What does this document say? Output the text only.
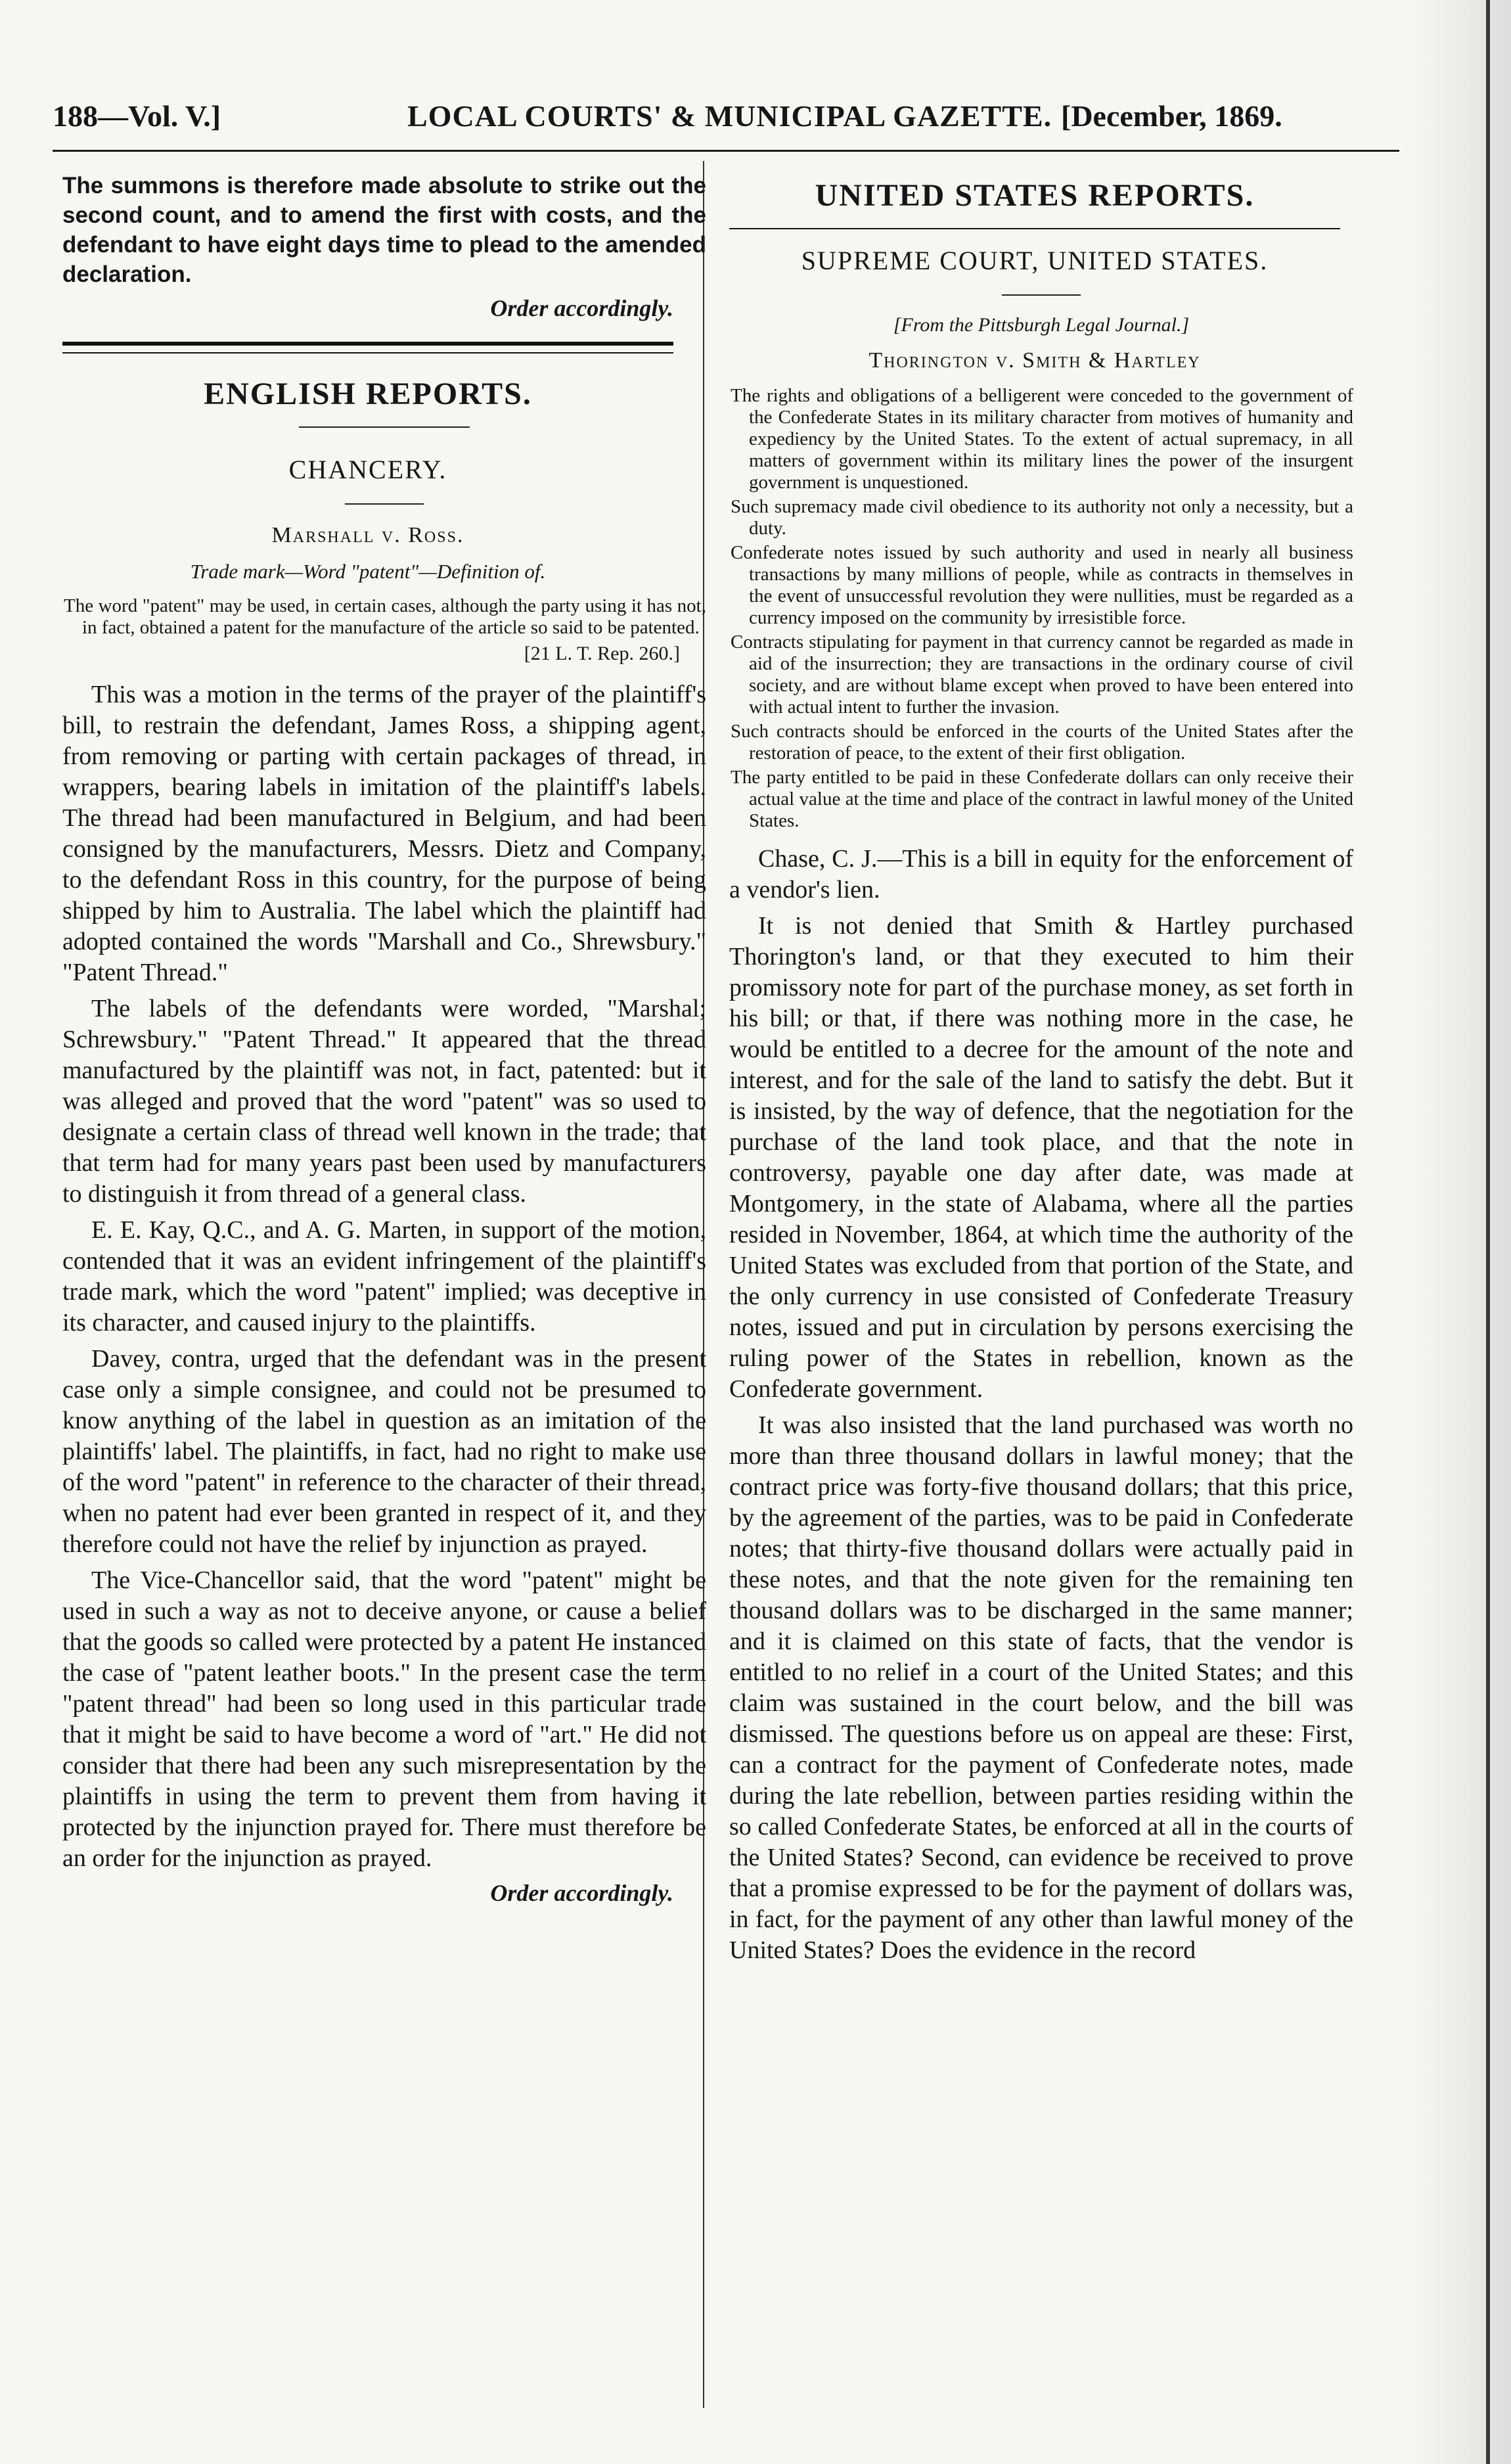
188—Vol. V.]	LOCAL COURTS' & MUNICIPAL GAZETTE. [December, 1869.

The summons is therefore made absolute to strike out the second count, and to amend the first with costs, and the defendant to have eight days time to plead to the amended declaration.

Order accordingly.

ENGLISH REPORTS.
CHANCERY.
Marshall v. Ross.
Trade mark—Word "patent"—Definition of.

The word "patent" may be used, in certain cases, although the party using it has not, in fact, obtained a patent for the manufacture of the article so said to be patented.

[21 L. T. Rep. 260.]

This was a motion in the terms of the prayer of the plaintiff's bill, to restrain the defendant, James Ross, a shipping agent, from removing or parting with certain packages of thread, in wrappers, bearing labels in imitation of the plaintiff's labels. The thread had been manufactured in Belgium, and had been consigned by the manufacturers, Messrs. Dietz and Company, to the defendant Ross in this country, for the purpose of being shipped by him to Australia. The label which the plaintiff had adopted contained the words "Marshall and Co., Shrewsbury." "Patent Thread."

The labels of the defendants were worded, "Marshal; Schrewsbury." "Patent Thread." It appeared that the thread manufactured by the plaintiff was not, in fact, patented: but it was alleged and proved that the word "patent" was so used to designate a certain class of thread well known in the trade; that that term had for many years past been used by manufacturers to distinguish it from thread of a general class.

E. E. Kay, Q.C., and A. G. Marten, in support of the motion, contended that it was an evident infringement of the plaintiff's trade mark, which the word "patent" implied; was deceptive in its character, and caused injury to the plaintiffs.

Davey, contra, urged that the defendant was in the present case only a simple consignee, and could not be presumed to know anything of the label in question as an imitation of the plaintiffs' label. The plaintiffs, in fact, had no right to make use of the word "patent" in reference to the character of their thread, when no patent had ever been granted in respect of it, and they therefore could not have the relief by injunction as prayed.

The Vice-Chancellor said, that the word "patent" might be used in such a way as not to deceive anyone, or cause a belief that the goods so called were protected by a patent He instanced the case of "patent leather boots." In the present case the term "patent thread" had been so long used in this particular trade that it might be said to have become a word of "art." He did not consider that there had been any such misrepresentation by the plaintiffs in using the term to prevent them from having it protected by the injunction prayed for. There must therefore be an order for the injunction as prayed.

Order accordingly.

UNITED STATES REPORTS.
SUPREME COURT, UNITED STATES.

[From the Pittsburgh Legal Journal.]

Thorington v. Smith & Hartley

The rights and obligations of a belligerent were conceded to the government of the Confederate States in its military character from motives of humanity and expediency by the United States. To the extent of actual supremacy, in all matters of government within its military lines the power of the insurgent government is unquestioned.

Such supremacy made civil obedience to its authority not only a necessity, but a duty.

Confederate notes issued by such authority and used in nearly all business transactions by many millions of people, while as contracts in themselves in the event of unsuccessful revolution they were nullities, must be regarded as a currency imposed on the community by irresistible force.

Contracts stipulating for payment in that currency cannot be regarded as made in aid of the insurrection; they are transactions in the ordinary course of civil society, and are without blame except when proved to have been entered into with actual intent to further the invasion.

Such contracts should be enforced in the courts of the United States after the restoration of peace, to the extent of their first obligation.

The party entitled to be paid in these Confederate dollars can only receive their actual value at the time and place of the contract in lawful money of the United States.

Chase, C. J.—This is a bill in equity for the enforcement of a vendor's lien.

It is not denied that Smith & Hartley purchased Thorington's land, or that they executed to him their promissory note for part of the purchase money, as set forth in his bill; or that, if there was nothing more in the case, he would be entitled to a decree for the amount of the note and interest, and for the sale of the land to satisfy the debt. But it is insisted, by the way of defence, that the negotiation for the purchase of the land took place, and that the note in controversy, payable one day after date, was made at Montgomery, in the state of Alabama, where all the parties resided in November, 1864, at which time the authority of the United States was excluded from that portion of the State, and the only currency in use consisted of Confederate Treasury notes, issued and put in circulation by persons exercising the ruling power of the States in rebellion, known as the Confederate government.

It was also insisted that the land purchased was worth no more than three thousand dollars in lawful money; that the contract price was forty-five thousand dollars; that this price, by the agreement of the parties, was to be paid in Confederate notes; that thirty-five thousand dollars were actually paid in these notes, and that the note given for the remaining ten thousand dollars was to be discharged in the same manner; and it is claimed on this state of facts, that the vendor is entitled to no relief in a court of the United States; and this claim was sustained in the court below, and the bill was dismissed. The questions before us on appeal are these: First, can a contract for the payment of Confederate notes, made during the late rebellion, between parties residing within the so called Confederate States, be enforced at all in the courts of the United States? Second, can evidence be received to prove that a promise expressed to be for the payment of dollars was, in fact, for the payment of any other than lawful money of the United States? Does the evidence in the record
